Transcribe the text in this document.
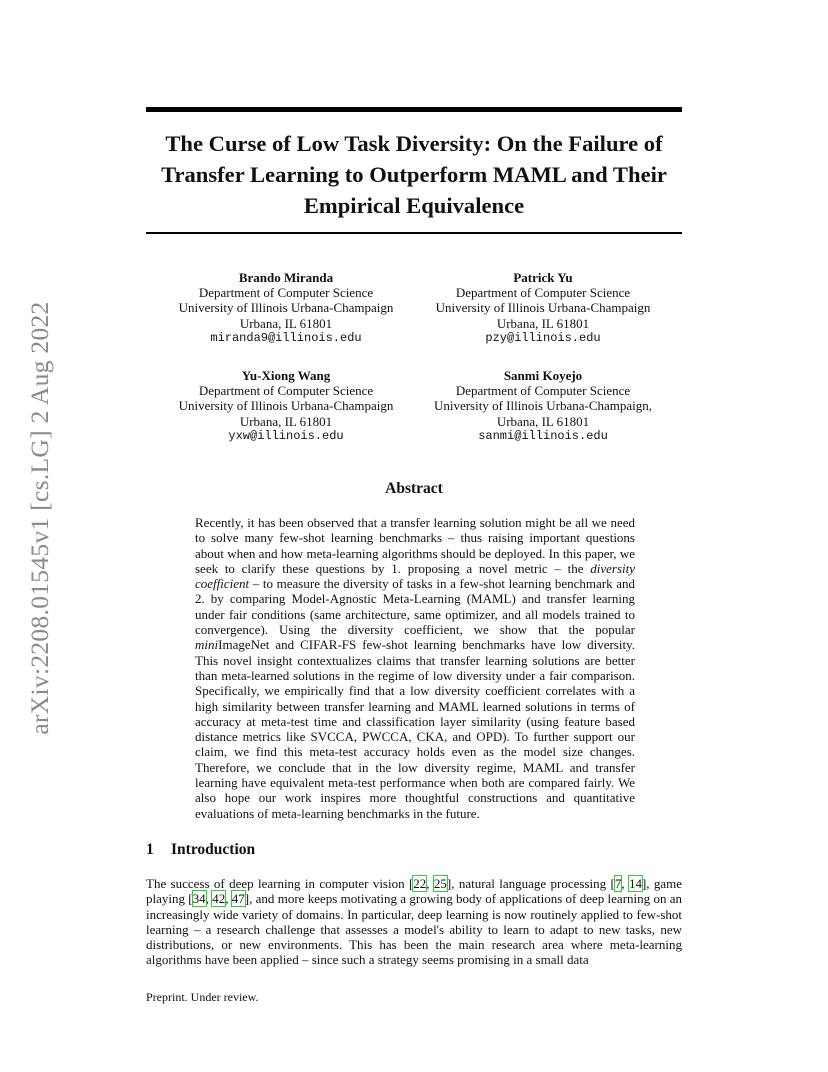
arXiv:2208.01545v1 [cs.LG] 2 Aug 2022
The Curse of Low Task Diversity: On the Failure of Transfer Learning to Outperform MAML and Their Empirical Equivalence
Brando Miranda
Department of Computer Science
University of Illinois Urbana-Champaign
Urbana, IL 61801
miranda9@illinois.edu
Patrick Yu
Department of Computer Science
University of Illinois Urbana-Champaign
Urbana, IL 61801
pzy@illinois.edu
Yu-Xiong Wang
Department of Computer Science
University of Illinois Urbana-Champaign
Urbana, IL 61801
yxw@illinois.edu
Sanmi Koyejo
Department of Computer Science
University of Illinois Urbana-Champaign,
Urbana, IL 61801
sanmi@illinois.edu
Abstract

Recently, it has been observed that a transfer learning solution might be all we need to solve many few-shot learning benchmarks – thus raising important questions about when and how meta-learning algorithms should be deployed. In this paper, we seek to clarify these questions by 1. proposing a novel metric – the diversity coefficient – to measure the diversity of tasks in a few-shot learning benchmark and 2. by comparing Model-Agnostic Meta-Learning (MAML) and transfer learning under fair conditions (same architecture, same optimizer, and all models trained to convergence). Using the diversity coefficient, we show that the popular miniImageNet and CIFAR-FS few-shot learning benchmarks have low diversity. This novel insight contextualizes claims that transfer learning solutions are better than meta-learned solutions in the regime of low diversity under a fair comparison. Specifically, we empirically find that a low diversity coefficient correlates with a high similarity between transfer learning and MAML learned solutions in terms of accuracy at meta-test time and classification layer similarity (using feature based distance metrics like SVCCA, PWCCA, CKA, and OPD). To further support our claim, we find this meta-test accuracy holds even as the model size changes. Therefore, we conclude that in the low diversity regime, MAML and transfer learning have equivalent meta-test performance when both are compared fairly. We also hope our work inspires more thoughtful constructions and quantitative evaluations of meta-learning benchmarks in the future.

1 Introduction

The success of deep learning in computer vision [22, 25], natural language processing [7, 14], game playing [34, 42, 47], and more keeps motivating a growing body of applications of deep learning on an increasingly wide variety of domains. In particular, deep learning is now routinely applied to few-shot learning – a research challenge that assesses a model's ability to learn to adapt to new tasks, new distributions, or new environments. This has been the main research area where meta-learning algorithms have been applied – since such a strategy seems promising in a small data

Preprint. Under review.
